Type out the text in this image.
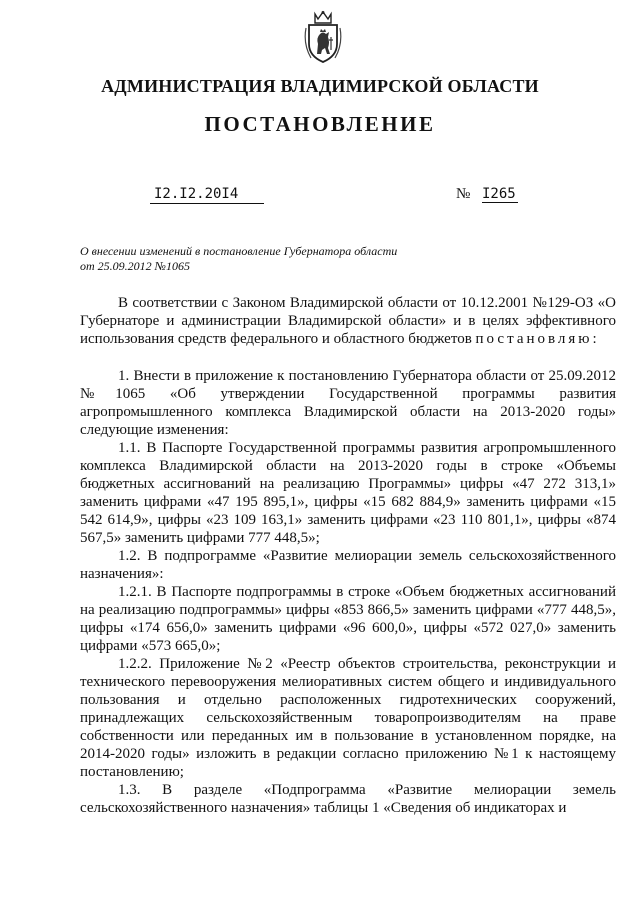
АДМИНИСТРАЦИЯ ВЛАДИМИРСКОЙ ОБЛАСТИ
ПОСТАНОВЛЕНИЕ
I2.I2.20I4	№ I265
О внесении изменений в постановление Губернатора области от 25.09.2012 №1065

В соответствии с Законом Владимирской области от 10.12.2001 №129-ОЗ «О Губернаторе и администрации Владимирской области» и в целях эффективного использования средств федерального и областного бюджетов постановляю:

1. Внести в приложение к постановлению Губернатора области от 25.09.2012 №1065 «Об утверждении Государственной программы развития агропромышленного комплекса Владимирской области на 2013-2020 годы» следующие изменения:

1.1. В Паспорте Государственной программы развития агропромышленного комплекса Владимирской области на 2013-2020 годы в строке «Объемы бюджетных ассигнований на реализацию Программы» цифры «47 272 313,1» заменить цифрами «47 195 895,1», цифры «15 682 884,9» заменить цифрами «15 542 614,9», цифры «23 109 163,1» заменить цифрами «23 110 801,1», цифры «874 567,5» заменить цифрами 777 448,5»;

1.2. В подпрограмме «Развитие мелиорации земель сельскохозяйственного назначения»:

1.2.1. В Паспорте подпрограммы в строке «Объем бюджетных ассигнований на реализацию подпрограммы» цифры «853 866,5» заменить цифрами «777 448,5», цифры «174 656,0» заменить цифрами «96 600,0», цифры «572 027,0» заменить цифрами «573 665,0»;

1.2.2. Приложение №2 «Реестр объектов строительства, реконструкции и технического перевооружения мелиоративных систем общего и индивидуального пользования и отдельно расположенных гидротехнических сооружений, принадлежащих сельскохозяйственным товаропроизводителям на праве собственности или переданных им в пользование в установленном порядке, на 2014-2020 годы» изложить в редакции согласно приложению №1 к настоящему постановлению;

1.3. В разделе «Подпрограмма «Развитие мелиорации земель сельскохозяйственного назначения» таблицы 1 «Сведения об индикаторах и
